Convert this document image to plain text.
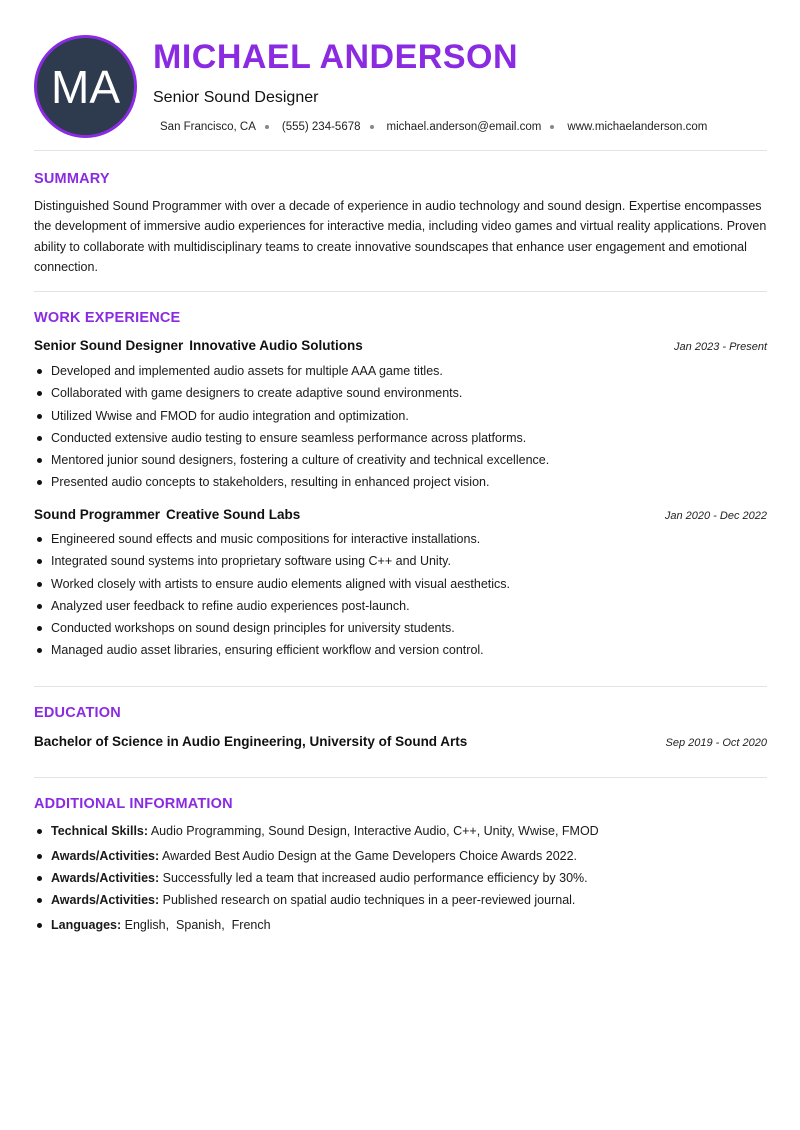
MA
MICHAEL ANDERSON
Senior Sound Designer
San Francisco, CA (555) 234-5678 michael.anderson@email.com www.michaelanderson.com
SUMMARY
Distinguished Sound Programmer with over a decade of experience in audio technology and sound design. Expertise encompasses the development of immersive audio experiences for interactive media, including video games and virtual reality applications. Proven ability to collaborate with multidisciplinary teams to create innovative soundscapes that enhance user engagement and emotional connection.
WORK EXPERIENCE
Senior Sound Designer Innovative Audio Solutions	Jan 2023 - Present
Developed and implemented audio assets for multiple AAA game titles.
Collaborated with game designers to create adaptive sound environments.
Utilized Wwise and FMOD for audio integration and optimization.
Conducted extensive audio testing to ensure seamless performance across platforms.
Mentored junior sound designers, fostering a culture of creativity and technical excellence.
Presented audio concepts to stakeholders, resulting in enhanced project vision.
Sound Programmer Creative Sound Labs	Jan 2020 - Dec 2022
Engineered sound effects and music compositions for interactive installations.
Integrated sound systems into proprietary software using C++ and Unity.
Worked closely with artists to ensure audio elements aligned with visual aesthetics.
Analyzed user feedback to refine audio experiences post-launch.
Conducted workshops on sound design principles for university students.
Managed audio asset libraries, ensuring efficient workflow and version control.
EDUCATION
Bachelor of Science in Audio Engineering, University of Sound Arts	Sep 2019 - Oct 2020
ADDITIONAL INFORMATION
Technical Skills: Audio Programming, Sound Design, Interactive Audio, C++, Unity, Wwise, FMOD
Awards/Activities: Awarded Best Audio Design at the Game Developers Choice Awards 2022.
Awards/Activities: Successfully led a team that increased audio performance efficiency by 30%.
Awards/Activities: Published research on spatial audio techniques in a peer-reviewed journal.
Languages: English,  Spanish,  French
